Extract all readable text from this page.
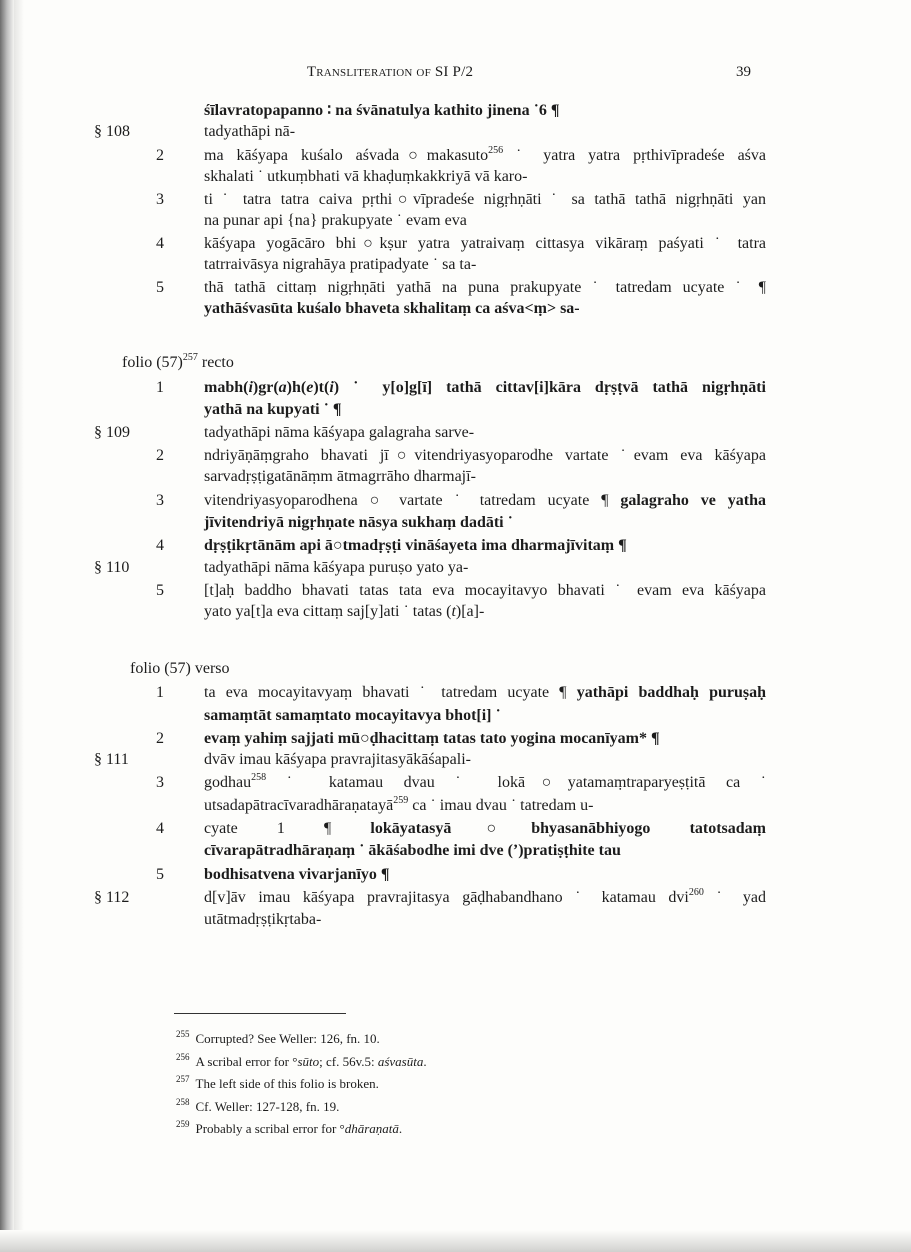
Transliteration of SI P/2	39
śīlavratopapanno ∶ na śvānatulya kathito jinena ˙6 ¶
§ 108	tadyathāpi nā-
2	ma kāśyapa kuśalo aśvada○makasuto$^{256}$ ˙ yatra yatra pṛthivīpradeśe aśva
skhalati ˙ utkuṃbhati vā khaḍuṃkakkriyā vā karo-
3	ti ˙ tatra tatra caiva pṛthi○vīpradeśe nigṛhṇāti ˙ sa tathā tathā nigṛhṇāti yan
na punar api {na} prakupyate ˙ evam eva
4	kāśyapa yogācāro bhi○kṣur yatra yatraivaṃ cittasya vikāraṃ paśyati ˙ tatra
tatrraivāsya nigrahāya pratipadyate ˙ sa ta-
5	thā tathā cittaṃ nigṛhṇāti yathā na puna prakupyate ˙ tatredam ucyate ˙ ¶
yathāśvasūta kuśalo bhaveta skhalitaṃ ca aśva<ṃ> sa-
folio $(57)^{257}$ recto
1	mabh(i)gr(a)h(e)t(i) ˙ y[o]g[ī] tathā cittav[i]kāra dṛṣṭvā tathā nigṛhṇāti
yathā na kupyati ˙ ¶
§ 109	tadyathāpi nāma kāśyapa galagraha sarve-
2	ndriyāṇāṃgraho bhavati jī○vitendriyasyoparodhe vartate ˙evam eva kāśyapa
sarvadṛṣṭigatānāṃm ātmagrrāho dharmajī-
3	vitendriyasyoparodhena ○ vartate ˙ tatredam ucyate ¶ galagraho ve yatha
jīvitendriyā nigṛhṇate nāsya sukhaṃ dadāti ˙
4	dṛṣṭikṛtānām api ā○tmadṛṣṭi vināśayeta ima dharmajīvitaṃ ¶
§ 110	tadyathāpi nāma kāśyapa puruṣo yato ya-
5	[t]aḥ baddho bhavati tatas tata eva mocayitavyo bhavati ˙ evam eva kāśyapa
yato ya[t]a eva cittaṃ saj[y]ati ˙ tatas (t)[a]-
folio (57) verso
1	ta eva mocayitavyaṃ bhavati ˙ tatredam ucyate ¶ yathāpi baddhaḥ puruṣaḥ
samaṃtāt samaṃtato mocayitavya bhot[i] ˙
2	evaṃ yahiṃ sajjati mū○ḍhacittaṃ tatas tato yogina mocanīyam* ¶
§ 111	dvāv imau kāśyapa pravrajitasyākāśapali-
3	godhau$^{258}$ ˙ katamau dvau ˙ lokā○yatamaṃtraparyeṣṭitā ca ˙
utsadapātracīvaradhāraṇatayā$^{259}$ ca ˙ imau dvau ˙ tatredam u-
4	cyate 1 ¶ lokāyatasyā○bhyasanābhiyogo tatotsadaṃ
cīvarapātradhāraṇaṃ ˙ ākāśabodhe imi dve (’)pratiṣṭhite tau
5	bodhisatvena vivarjanīyo ¶
§ 112	d[v]āv imau kāśyapa pravrajitasya gāḍhabandhano ˙ katamau dvi$^{260}$ ˙ yad
utātmadṛṣṭikṛtaba-
$^{255}$ Corrupted? See Weller: 126, fn. 10.
$^{256}$ A scribal error for °sūto; cf. 56v.5: aśvasūta.
$^{257}$ The left side of this folio is broken.
$^{258}$ Cf. Weller: 127-128, fn. 19.
$^{259}$ Probably a scribal error for °dhāraṇatā.
